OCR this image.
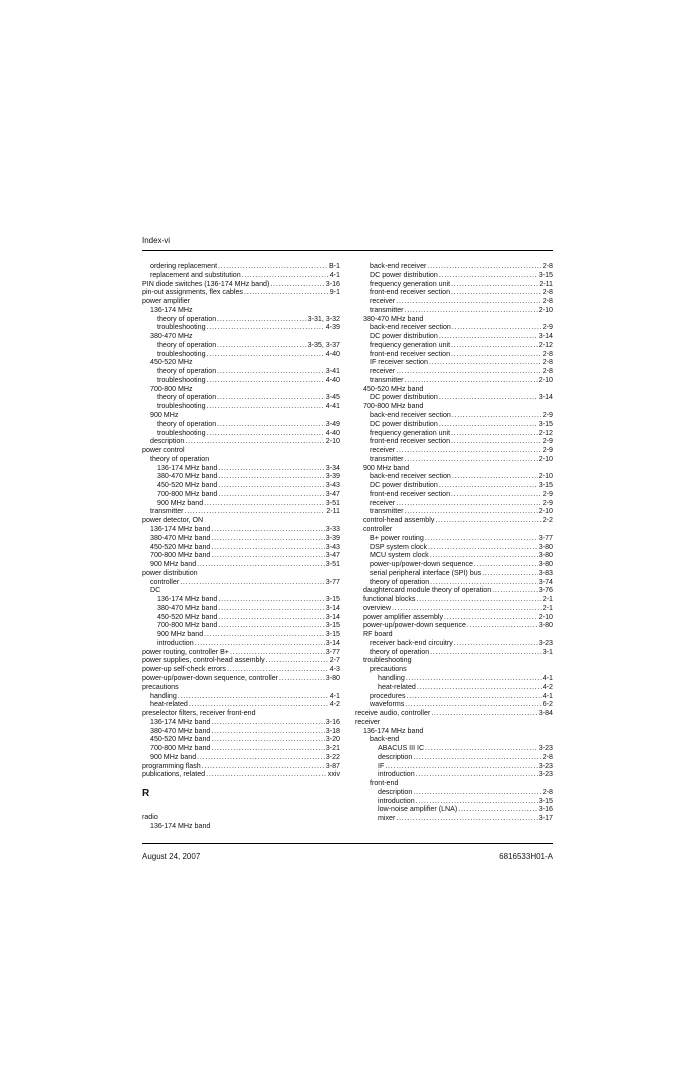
Index-vi
ordering replacement . . .	B-1
replacement and substitution . . .	4-1
PIN diode switches (136-174 MHz band) . . .	3-16
pin-out assignments, flex cables . . .	9-1
power amplifier
136-174 MHz
theory of operation . . .	3-31, 3-32
troubleshooting . . .	4-39
380-470 MHz
theory of operation . . .	3-35, 3-37
troubleshooting . . .	4-40
450-520 MHz
theory of operation . . .	3-41
troubleshooting . . .	4-40
700-800 MHz
theory of operation . . .	3-45
troubleshooting . . .	4-41
900 MHz
theory of operation . . .	3-49
troubleshooting . . .	4-40
description . . .	2-10
power control
theory of operation
136-174 MHz band . . .	3-34
380-470 MHz band . . .	3-39
450-520 MHz band . . .	3-43
700-800 MHz band . . .	3-47
900 MHz band . . .	3-51
transmitter . . .	2-11
power detector, ON
136-174 MHz band . . .	3-33
380-470 MHz band . . .	3-39
450-520 MHz band . . .	3-43
700-800 MHz band . . .	3-47
900 MHz band . . .	3-51
power distribution
controller . . .	3-77
DC
136-174 MHz band . . .	3-15
380-470 MHz band . . .	3-14
450-520 MHz band . . .	3-14
700-800 MHz band . . .	3-15
900 MHz band . . .	3-15
introduction . . .	3-14
power routing, controller B+ . . .	3-77
power supplies, control-head assembly . . .	2-7
power-up self-check errors . . .	4-3
power-up/power-down sequence, controller . . .	3-80
precautions
handling . . .	4-1
heat-related . . .	4-2
preselector filters, receiver front-end
136-174 MHz band . . .	3-16
380-470 MHz band . . .	3-18
450-520 MHz band . . .	3-20
700-800 MHz band . . .	3-21
900 MHz band . . .	3-22
programming flash . . .	3-87
publications, related . . .	xxiv
R
radio
136-174 MHz band
back-end receiver . . .	2-8
DC power distribution . . .	3-15
frequency generation unit . . .	2-11
front-end receiver section . . .	2-8
receiver . . .	2-8
transmitter . . .	2-10
380-470 MHz band
back-end receiver section . . .	2-9
DC power distribution . . .	3-14
frequency generation unit . . .	2-12
front-end receiver section . . .	2-8
IF receiver section . . .	2-8
receiver . . .	2-8
transmitter . . .	2-10
450-520 MHz band
DC power distribution . . .	3-14
700-800 MHz band
back-end receiver section . . .	2-9
DC power distribution . . .	3-15
frequency generation unit . . .	2-12
front-end receiver section . . .	2-9
receiver . . .	2-9
transmitter . . .	2-10
900 MHz band
back-end receiver section . . .	2-10
DC power distribution . . .	3-15
front-end receiver section . . .	2-9
receiver . . .	2-9
transmitter . . .	2-10
control-head assembly . . .	2-2
controller
B+ power routing . . .	3-77
DSP system clock . . .	3-80
MCU system clock . . .	3-80
power-up/power-down sequence . . .	3-80
serial peripheral interface (SPI) bus . . .	3-83
theory of operation . . .	3-74
daughtercard module theory of operation . . .	3-76
functional blocks . . .	2-1
overview . . .	2-1
power amplifier assembly . . .	2-10
power-up/power-down sequence . . .	3-80
RF board
receiver back-end circuitry . . .	3-23
theory of operation . . .	3-1
troubleshooting
precautions
handling . . .	4-1
heat-related . . .	4-2
procedures . . .	4-1
waveforms . . .	6-2
receive audio, controller . . .	3-84
receiver
136-174 MHz band
back-end
ABACUS III IC . . .	3-23
description . . .	2-8
IF . . .	3-23
introduction . . .	3-23
front-end
description . . .	2-8
introduction . . .	3-15
low-noise amplifier (LNA) . . .	3-16
mixer . . .	3-17
August 24, 2007	6816533H01-A
